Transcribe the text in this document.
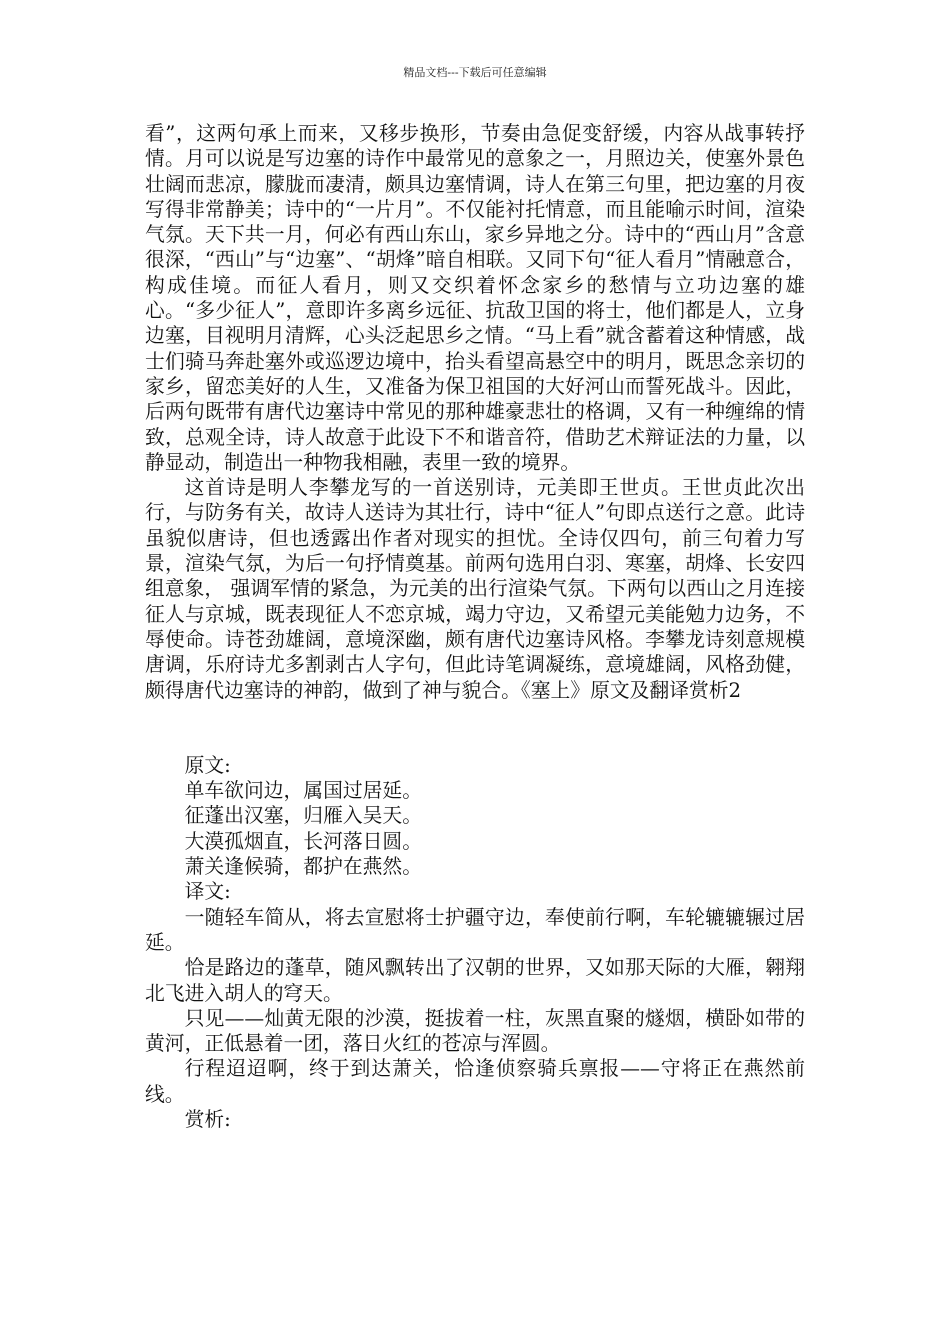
精品文档---下载后可任意编辑

看”，这两句承上而来，又移步换形，节奏由急促变舒缓，内容从战事转抒情。月可以说是写边塞的诗作中最常见的意象之一，月照边关，使塞外景色壮阔而悲凉，朦胧而凄清，颇具边塞情调，诗人在第三句里，把边塞的月夜写得非常静美；诗中的“一片月”。不仅能衬托情意，而且能喻示时间，渲染气氛。天下共一月，何必有西山东山，家乡异地之分。诗中的“西山月”含意很深，“西山”与“边塞”、“胡烽”暗自相联。又同下句“征人看月”情融意合，构成佳境。而征人看月，则又交织着怀念家乡的愁情与立功边塞的雄心。“多少征人”，意即许多离乡远征、抗敌卫国的将士，他们都是人，立身边塞，目视明月清辉，心头泛起思乡之情。“马上看”就含蓄着这种情感，战士们骑马奔赴塞外或巡逻边境中，抬头看望高悬空中的明月，既思念亲切的家乡，留恋美好的人生，又准备为保卫祖国的大好河山而誓死战斗。因此，后两句既带有唐代边塞诗中常见的那种雄豪悲壮的格调，又有一种缠绵的情致，总观全诗，诗人故意于此设下不和谐音符，借助艺术辩证法的力量，以静显动，制造出一种物我相融，表里一致的境界。

这首诗是明人李攀龙写的一首送别诗，元美即王世贞。王世贞此次出行，与防务有关，故诗人送诗为其壮行，诗中“征人”句即点送行之意。此诗虽貌似唐诗，但也透露出作者对现实的担忧。全诗仅四句，前三句着力写景，渲染气氛，为后一句抒情奠基。前两句选用白羽、寒塞，胡烽、长安四组意象， 强调军情的紧急，为元美的出行渲染气氛。下两句以西山之月连接征人与京城，既表现征人不恋京城，竭力守边，又希望元美能勉力边务，不辱使命。诗苍劲雄阔，意境深幽，颇有唐代边塞诗风格。李攀龙诗刻意规模唐调，乐府诗尤多割剥古人字句，但此诗笔调凝练，意境雄阔，风格劲健，颇得唐代边塞诗的神韵，做到了神与貌合。《塞上》原文及翻译赏析2

原文:

单车欲问边，属国过居延。

征蓬出汉塞，归雁入吴天。

大漠孤烟直，长河落日圆。

萧关逢候骑，都护在燕然。

译文:

一随轻车简从，将去宣慰将士护疆守边，奉使前行啊，车轮辘辘辗过居延。

恰是路边的蓬草，随风飘转出了汉朝的世界，又如那天际的大雁，翱翔北飞进入胡人的穹天。

只见——灿黄无限的沙漠，挺拔着一柱，灰黑直聚的燧烟，横卧如带的黄河，正低悬着一团，落日火红的苍凉与浑圆。

行程迢迢啊，终于到达萧关，恰逢侦察骑兵禀报——守将正在燕然前线。

赏析:
